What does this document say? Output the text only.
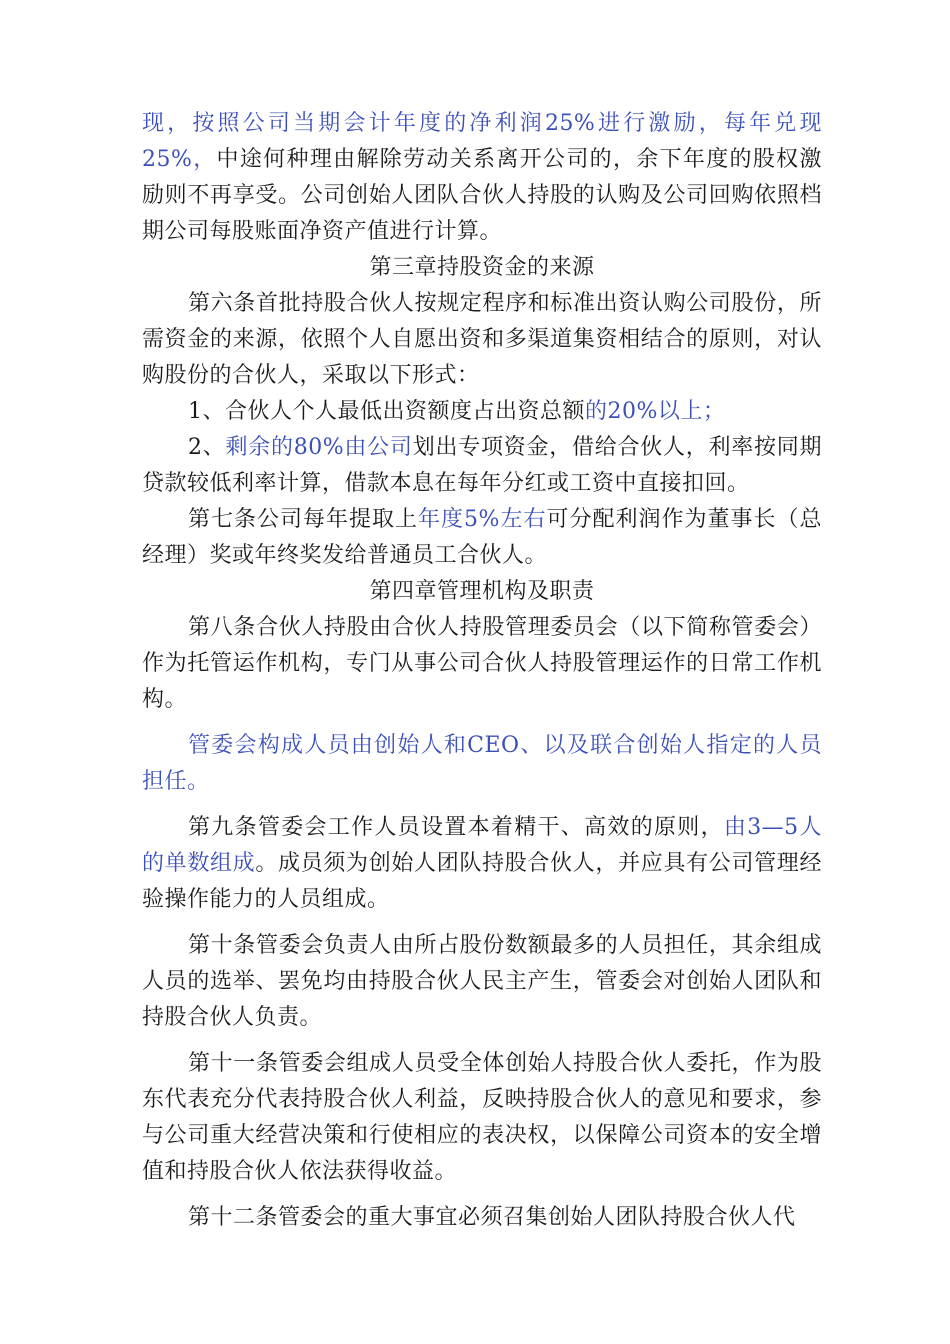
现，按照公司当期会计年度的净利润25%进行激励，每年兑现25%，中途何种理由解除劳动关系离开公司的，余下年度的股权激励则不再享受。公司创始人团队合伙人持股的认购及公司回购依照档期公司每股账面净资产值进行计算。

第三章持股资金的来源

第六条首批持股合伙人按规定程序和标准出资认购公司股份，所需资金的来源，依照个人自愿出资和多渠道集资相结合的原则，对认购股份的合伙人，采取以下形式：

1、合伙人个人最低出资额度占出资总额的20%以上；

2、剩余的80%由公司划出专项资金，借给合伙人，利率按同期贷款较低利率计算，借款本息在每年分红或工资中直接扣回。

第七条公司每年提取上年度5%左右可分配利润作为董事长（总经理）奖或年终奖发给普通员工合伙人。

第四章管理机构及职责

第八条合伙人持股由合伙人持股管理委员会（以下简称管委会）作为托管运作机构，专门从事公司合伙人持股管理运作的日常工作机构。

管委会构成人员由创始人和CEO、以及联合创始人指定的人员担任。

第九条管委会工作人员设置本着精干、高效的原则，由3—5人的单数组成。成员须为创始人团队持股合伙人，并应具有公司管理经验操作能力的人员组成。

第十条管委会负责人由所占股份数额最多的人员担任，其余组成人员的选举、罢免均由持股合伙人民主产生，管委会对创始人团队和持股合伙人负责。

第十一条管委会组成人员受全体创始人持股合伙人委托，作为股东代表充分代表持股合伙人利益，反映持股合伙人的意见和要求，参与公司重大经营决策和行使相应的表决权，以保障公司资本的安全增值和持股合伙人依法获得收益。

第十二条管委会的重大事宜必须召集创始人团队持股合伙人代
